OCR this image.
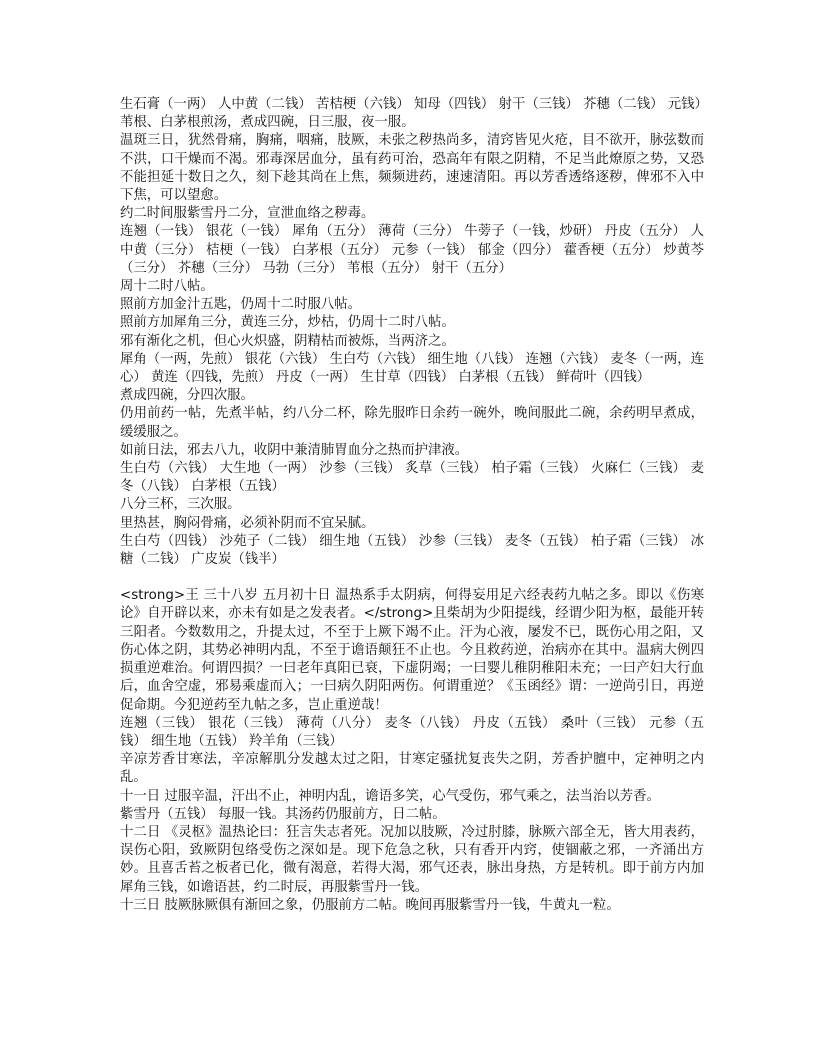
生石膏（一两） 人中黄（二钱） 苦桔梗（六钱） 知母（四钱） 射干（三钱） 芥穗（二钱） 元钱）
苇根、白茅根煎汤，煮成四碗，日三服，夜一服。
温斑三日，犹然骨痛，胸痛，咽痛，肢厥，未张之秽热尚多，清窍皆见火疮，目不欲开，脉弦数而不洪，口干燥而不渴。邪毒深居血分，虽有药可治，恐高年有限之阴精，不足当此燎原之势，又恐不能担延十数日之久，刻下趁其尚在上焦，频频进药，速速清阳。再以芳香透络逐秽，俾邪不入中下焦，可以望愈。
约二时间服紫雪丹二分，宣泄血络之秽毒。
连翘（一钱） 银花（一钱） 犀角（五分） 薄荷（三分） 牛蒡子（一钱，炒研） 丹皮（五分） 人中黄（三分） 桔梗（一钱） 白茅根（五分） 元参（一钱） 郁金（四分） 藿香梗（五分） 炒黄芩（三分） 芥穗（三分） 马勃（三分） 苇根（五分） 射干（五分）
周十二时八帖。
照前方加金汁五匙，仍周十二时服八帖。
照前方加犀角三分，黄连三分，炒枯，仍周十二时八帖。
邪有渐化之机，但心火炽盛，阴精枯而被烁，当两济之。
犀角（一两，先煎） 银花（六钱） 生白芍（六钱） 细生地（八钱） 连翘（六钱） 麦冬（一两，连心） 黄连（四钱，先煎） 丹皮（一两） 生甘草（四钱） 白茅根（五钱） 鲜荷叶（四钱）
煮成四碗，分四次服。
仍用前药一帖，先煮半帖，约八分二杯，除先服昨日余药一碗外，晚间服此二碗，余药明早煮成，缓缓服之。
如前日法，邪去八九，收阴中兼清肺胃血分之热而护津液。
生白芍（六钱） 大生地（一两） 沙参（三钱） 炙草（三钱） 柏子霜（三钱） 火麻仁（三钱） 麦冬（八钱） 白茅根（五钱）
八分三杯，三次服。
里热甚，胸闷骨痛，必须补阴而不宜呆腻。
生白芍（四钱） 沙苑子（二钱） 细生地（五钱） 沙参（三钱） 麦冬（五钱） 柏子霜（三钱） 冰糖（二钱） 广皮炭（钱半）
<strong>王 三十八岁 五月初十日 温热系手太阴病，何得妄用足六经表药九帖之多。即以《伤寒论》自开辟以来，亦未有如是之发表者。</strong>且柴胡为少阳提线，经谓少阳为枢，最能开转三阳者。今数数用之，升提太过，不至于上厥下竭不止。汗为心液，屡发不已，既伤心用之阳，又伤心体之阴，其势必神明内乱，不至于谵语颠狂不止也。今且救药逆，治病亦在其中。温病大例四损重逆难治。何谓四损？一曰老年真阳已衰，下虚阴竭；一曰婴儿稚阴稚阳未充；一曰产妇大行血后，血舍空虚，邪易乘虚而入；一曰病久阴阳两伤。何谓重逆？《玉函经》谓：一逆尚引日，再逆促命期。今犯逆药至九帖之多，岂止重逆哉！
连翘（三钱） 银花（三钱） 薄荷（八分） 麦冬（八钱） 丹皮（五钱） 桑叶（三钱） 元参（五钱） 细生地（五钱） 羚羊角（三钱）
辛凉芳香甘寒法，辛凉解肌分发越太过之阳，甘寒定骚扰复丧失之阴，芳香护膻中，定神明之内乱。
十一日 过服辛温，汗出不止，神明内乱，谵语多笑，心气受伤，邪气乘之，法当治以芳香。
紫雪丹（五钱） 每服一钱。其汤药仍服前方，日二帖。
十二日 《灵枢》温热论曰：狂言失志者死。况加以肢厥，冷过肘膝，脉厥六部全无，皆大用表药，误伤心阳，致厥阴包络受伤之深如是。现下危急之秋，只有香开内窍，使锢蔽之邪，一齐涌出方妙。且喜舌苔之板者已化，微有渴意，若得大渴，邪气还表，脉出身热，方是转机。即于前方内加犀角三钱，如谵语甚，约二时辰，再服紫雪丹一钱。
十三日 肢厥脉厥俱有渐回之象，仍服前方二帖。晚间再服紫雪丹一钱，牛黄丸一粒。
